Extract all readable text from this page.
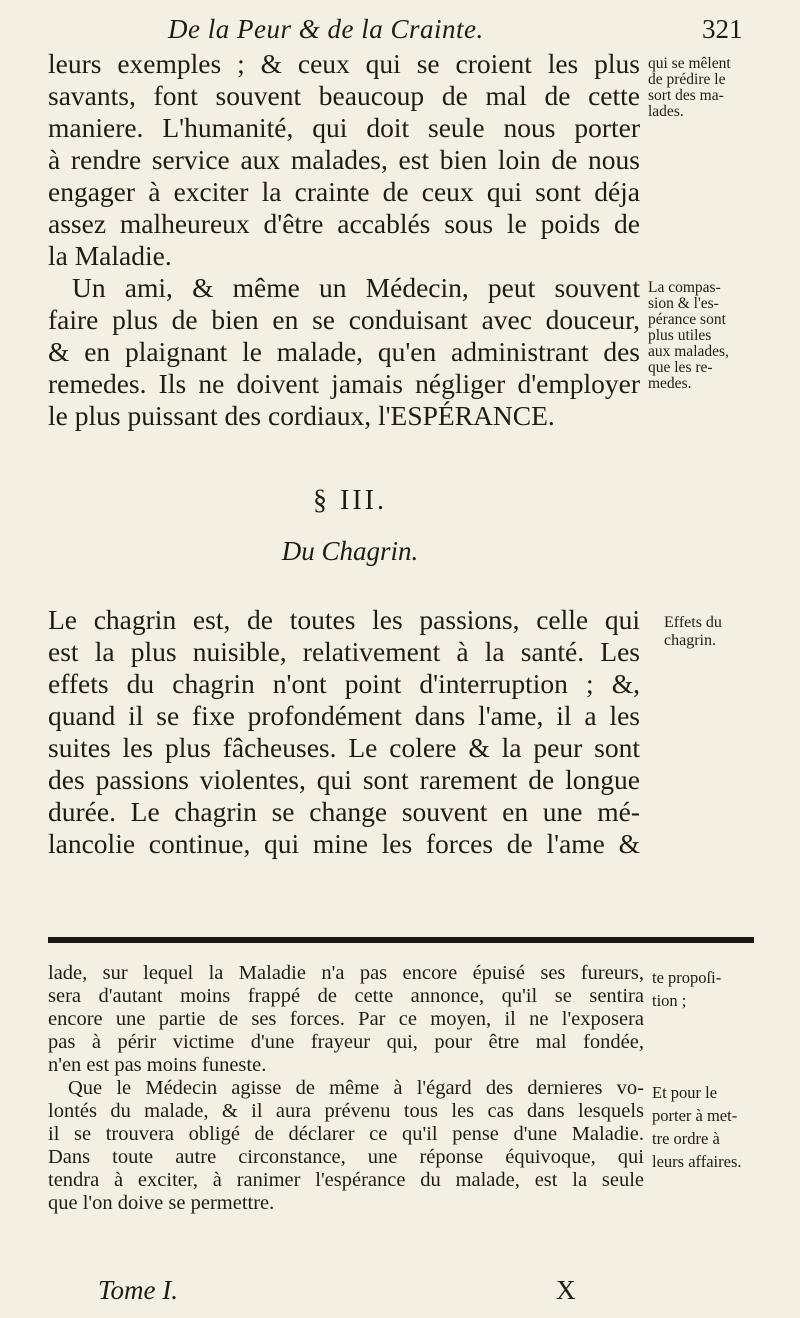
De la Peur & de la Crainte.	321
leurs exemples ; & ceux qui se croient les plus
savants, font souvent beaucoup de mal de cette
maniere. L'humanité, qui doit seule nous porter
à rendre service aux malades, est bien loin de nous
engager à exciter la crainte de ceux qui sont déja
assez malheureux d'être accablés sous le poids de
la Maladie.
qui se mêlent
de prédire le
sort des ma-
lades.
Un ami, & même un Médecin, peut souvent
faire plus de bien en se conduisant avec douceur,
& en plaignant le malade, qu'en administrant des
remedes. Ils ne doivent jamais négliger d'employer
le plus puissant des cordiaux, l'ESPÉRANCE.
La compas-
sion & l'es-
pérance sont
plus utiles
aux malades,
que les re-
medes.
§ III.
Du Chagrin.
Le chagrin est, de toutes les passions, celle qui
est la plus nuisible, relativement à la santé. Les
effets du chagrin n'ont point d'interruption ; &,
quand il se fixe profondément dans l'ame, il a les
suites les plus fâcheuses. Le colere & la peur sont
des passions violentes, qui sont rarement de longue
durée. Le chagrin se change souvent en une mé-
lancolie continue, qui mine les forces de l'ame &
Effets du
chagrin.
lade, sur lequel la Maladie n'a pas encore épuisé ses fureurs,
sera d'autant moins frappé de cette annonce, qu'il se sentira
encore une partie de ses forces. Par ce moyen, il ne l'exposera
pas à périr victime d'une frayeur qui, pour être mal fondée,
n'en est pas moins funeste.
Que le Médecin agisse de même à l'égard des dernieres vo-
lontés du malade, & il aura prévenu tous les cas dans lesquels
il se trouvera obligé de déclarer ce qu'il pense d'une Maladie.
Dans toute autre circonstance, une réponse équivoque, qui
tendra à exciter, à ranimer l'espérance du malade, est la seule
que l'on doive se permettre.
te propoſi-
tion ;

Et pour le
porter à met-
tre ordre à
leurs affaires.
Tome I.	X
